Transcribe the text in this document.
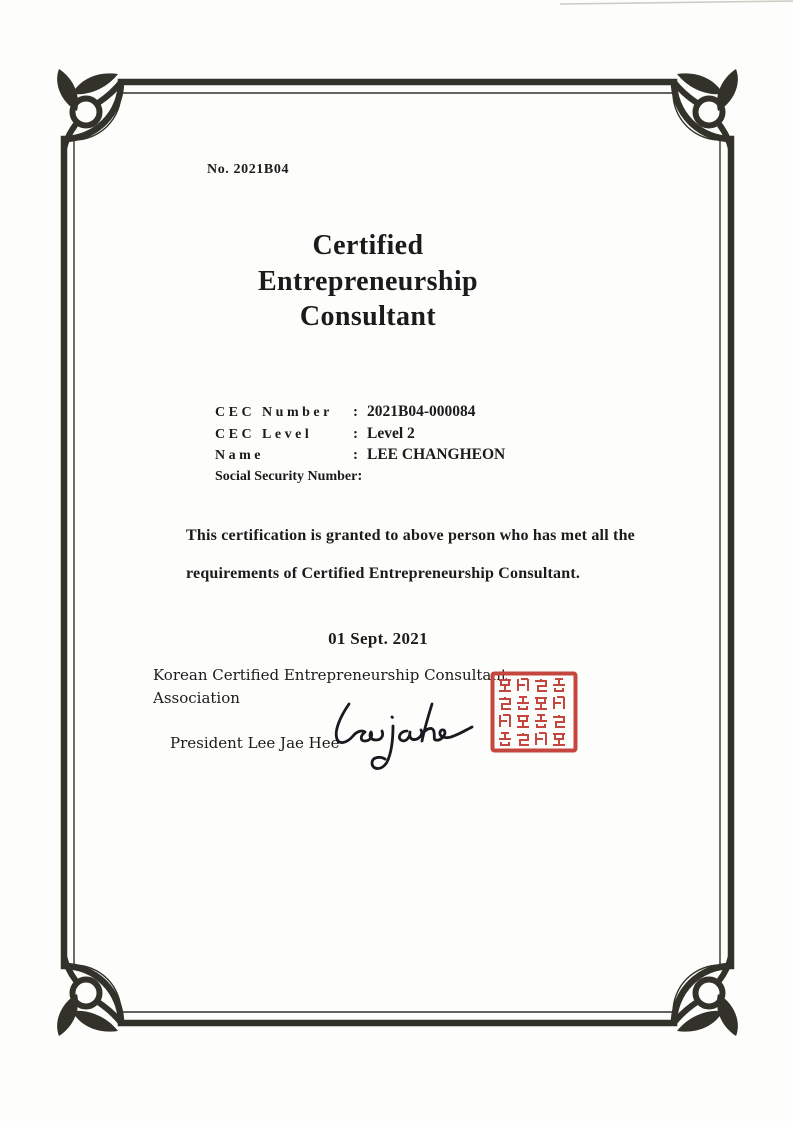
No. 2021B04
Certified
Entrepreneurship
Consultant
CEC Number	: 2021B04-000084
CEC Level	: Level 2
Name	: LEE CHANGHEON
Social Security Number :
This certification is granted to above person who has met all the
requirements of Certified Entrepreneurship Consultant.
01 Sept. 2021
Korean Certified Entrepreneurship Consultant
Association
President Lee Jae Hee
